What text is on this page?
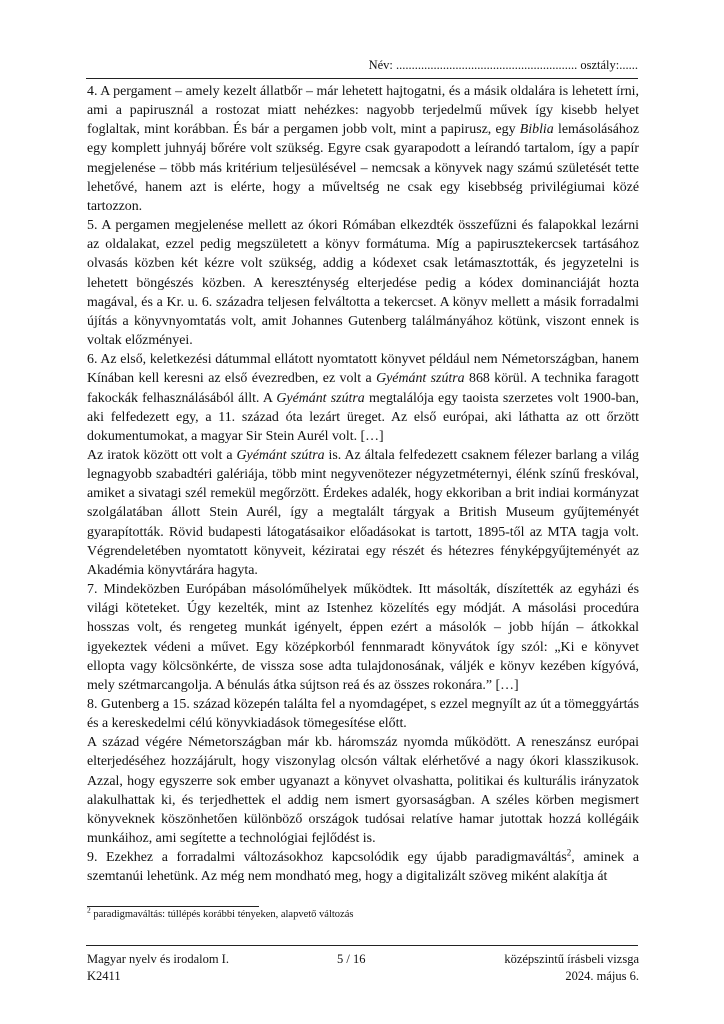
Név: .......................................................... osztály:......

4. A pergament – amely kezelt állatbőr – már lehetett hajtogatni, és a másik oldalára is lehetett írni, ami a papirusznál a rostozat miatt nehézkes: nagyobb terjedelmű művek így kisebb helyet foglaltak, mint korábban. És bár a pergamen jobb volt, mint a papirusz, egy Biblia lemásolásához egy komplett juhnyáj bőrére volt szükség. Egyre csak gyarapodott a leírandó tartalom, így a papír megjelenése – több más kritérium teljesülésével – nemcsak a könyvek nagy számú születését tette lehetővé, hanem azt is elérte, hogy a műveltség ne csak egy kisebbség privilégiumai közé tartozzon.

5. A pergamen megjelenése mellett az ókori Rómában elkezdték összefűzni és falapokkal lezárni az oldalakat, ezzel pedig megszületett a könyv formátuma. Míg a papirusztekercsek tartásához olvasás közben két kézre volt szükség, addig a kódexet csak letámasztották, és jegyzetelni is lehetett böngészés közben. A kereszténység elterjedése pedig a kódex dominanciáját hozta magával, és a Kr. u. 6. századra teljesen felváltotta a tekercset. A könyv mellett a másik forradalmi újítás a könyvnyomtatás volt, amit Johannes Gutenberg találmányához kötünk, viszont ennek is voltak előzményei.

6. Az első, keletkezési dátummal ellátott nyomtatott könyvet például nem Németországban, hanem Kínában kell keresni az első évezredben, ez volt a Gyémánt szútra 868 körül. A technika faragott fakockák felhasználásából állt. A Gyémánt szútra megtalálója egy taoista szerzetes volt 1900-ban, aki felfedezett egy, a 11. század óta lezárt üreget. Az első európai, aki láthatta az ott őrzött dokumentumokat, a magyar Sir Stein Aurél volt. […]

Az iratok között ott volt a Gyémánt szútra is. Az általa felfedezett csaknem félezer barlang a világ legnagyobb szabadtéri galériája, több mint negyvenötezer négyzetméternyi, élénk színű freskóval, amiket a sivatagi szél remekül megőrzött. Érdekes adalék, hogy ekkoriban a brit indiai kormányzat szolgálatában állott Stein Aurél, így a megtalált tárgyak a British Museum gyűjteményét gyarapították. Rövid budapesti látogatásaikor előadásokat is tartott, 1895-től az MTA tagja volt. Végrendeletében nyomtatott könyveit, kéziratai egy részét és hétezres fényképgyűjteményét az Akadémia könyvtárára hagyta.

7. Mindeközben Európában másolóműhelyek működtek. Itt másolták, díszítették az egyházi és világi köteteket. Úgy kezelték, mint az Istenhez közelítés egy módját. A másolási procedúra hosszas volt, és rengeteg munkát igényelt, éppen ezért a másolók – jobb híján – átkokkal igyekeztek védeni a művet. Egy középkorból fennmaradt könyvátok így szól: „Ki e könyvet ellopta vagy kölcsönkérte, de vissza sose adta tulajdonosának, váljék e könyv kezében kígyóvá, mely szétmarcangolja. A bénulás átka sújtson reá és az összes rokonára.” […]

8. Gutenberg a 15. század közepén találta fel a nyomdagépet, s ezzel megnyílt az út a tömeggyártás és a kereskedelmi célú könyvkiadások tömegesítése előtt.

A század végére Németországban már kb. háromszáz nyomda működött. A reneszánsz európai elterjedéséhez hozzájárult, hogy viszonylag olcsón váltak elérhetővé a nagy ókori klasszikusok. Azzal, hogy egyszerre sok ember ugyanazt a könyvet olvashatta, politikai és kulturális irányzatok alakulhattak ki, és terjedhettek el addig nem ismert gyorsaságban. A széles körben megismert könyveknek köszönhetően különböző országok tudósai relatíve hamar jutottak hozzá kollégáik munkáihoz, ami segítette a technológiai fejlődést is.

9. Ezekhez a forradalmi változásokhoz kapcsolódik egy újabb paradigmaváltás$^2$, aminek a szemtanúi lehetünk. Az még nem mondható meg, hogy a digitalizált szöveg miként alakítja át

$^2$ paradigmaváltás: túllépés korábbi tényeken, alapvető változás
Magyar nyelv és irodalom I.
K2411
5 / 16	középszintű írásbeli vizsga
2024. május 6.
